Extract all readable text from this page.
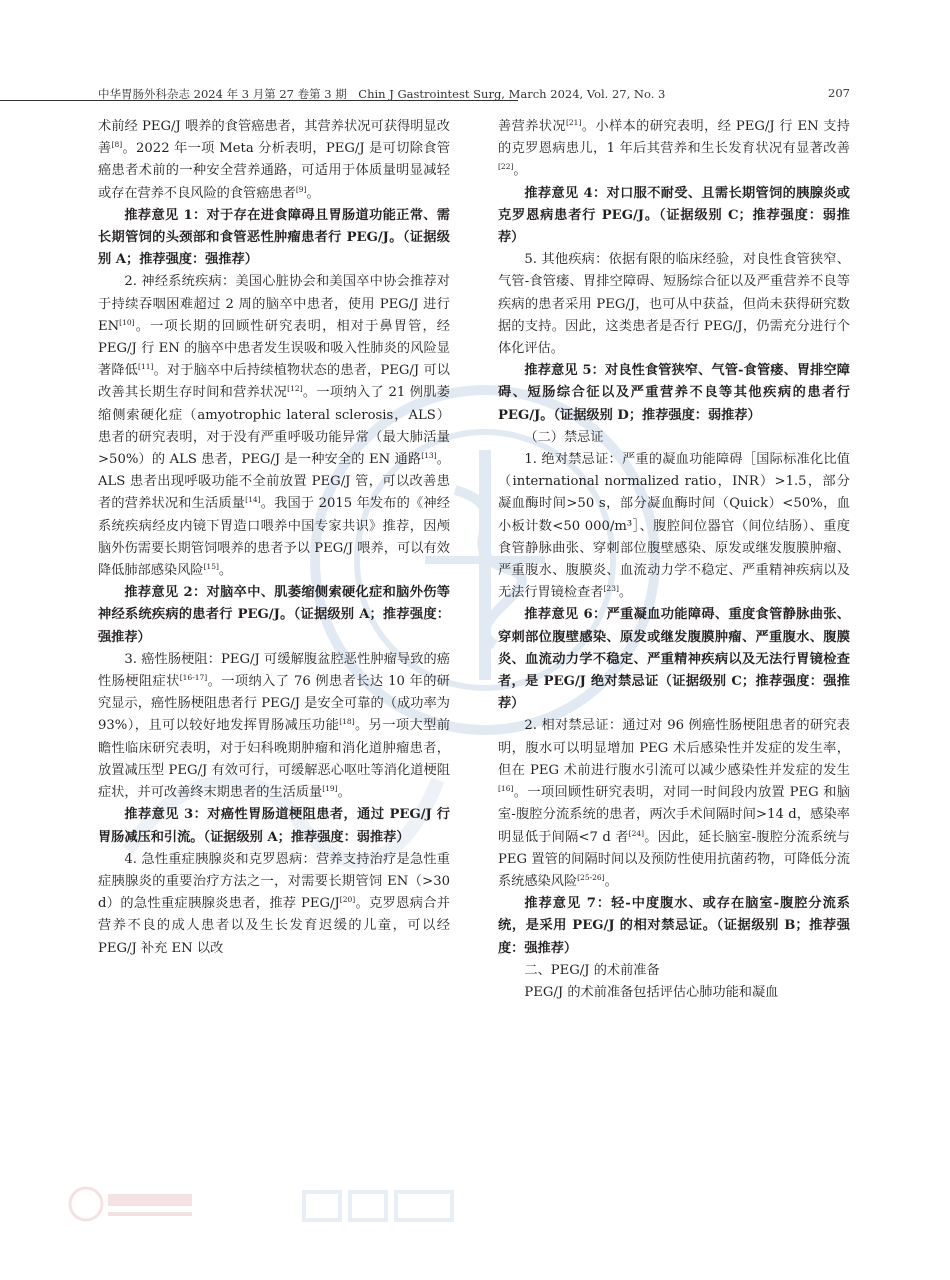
中华胃肠外科杂志 2024 年 3 月第 27 卷第 3 期　Chin J Gastrointest Surg, March 2024, Vol. 27, No. 3	207

术前经 PEG/J 喂养的食管癌患者，其营养状况可获得明显改善[8]。2022 年一项 Meta 分析表明，PEG/J 是可切除食管癌患者术前的一种安全营养通路，可适用于体质量明显减轻或存在营养不良风险的食管癌患者[9]。

推荐意见 1：对于存在进食障碍且胃肠道功能正常、需长期管饲的头颈部和食管恶性肿瘤患者行 PEG/J。（证据级别 A；推荐强度：强推荐）

2. 神经系统疾病：美国心脏协会和美国卒中协会推荐对于持续吞咽困难超过 2 周的脑卒中患者，使用 PEG/J 进行 EN[10]。一项长期的回顾性研究表明，相对于鼻胃管，经 PEG/J 行 EN 的脑卒中患者发生误吸和吸入性肺炎的风险显著降低[11]。对于脑卒中后持续植物状态的患者，PEG/J 可以改善其长期生存时间和营养状况[12]。一项纳入了 21 例肌萎缩侧索硬化症（amyotrophic lateral sclerosis，ALS）患者的研究表明，对于没有严重呼吸功能异常（最大肺活量>50%）的 ALS 患者，PEG/J 是一种安全的 EN 通路[13]。ALS 患者出现呼吸功能不全前放置 PEG/J 管，可以改善患者的营养状况和生活质量[14]。我国于 2015 年发布的《神经系统疾病经皮内镜下胃造口喂养中国专家共识》推荐，因颅脑外伤需要长期管饲喂养的患者予以 PEG/J 喂养，可以有效降低肺部感染风险[15]。

推荐意见 2：对脑卒中、肌萎缩侧索硬化症和脑外伤等神经系统疾病的患者行 PEG/J。（证据级别 A；推荐强度：强推荐）

3. 癌性肠梗阻：PEG/J 可缓解腹盆腔恶性肿瘤导致的癌性肠梗阻症状[16-17]。一项纳入了 76 例患者长达 10 年的研究显示，癌性肠梗阻患者行 PEG/J 是安全可靠的（成功率为 93%），且可以较好地发挥胃肠减压功能[18]。另一项大型前瞻性临床研究表明，对于妇科晚期肿瘤和消化道肿瘤患者，放置减压型 PEG/J 有效可行，可缓解恶心呕吐等消化道梗阻症状，并可改善终末期患者的生活质量[19]。

推荐意见 3：对癌性胃肠道梗阻患者，通过 PEG/J 行胃肠减压和引流。（证据级别 A；推荐强度：弱推荐）

4. 急性重症胰腺炎和克罗恩病：营养支持治疗是急性重症胰腺炎的重要治疗方法之一，对需要长期管饲 EN（>30 d）的急性重症胰腺炎患者，推荐 PEG/J[20]。克罗恩病合并营养不良的成人患者以及生长发育迟缓的儿童，可以经 PEG/J 补充 EN 以改

善营养状况[21]。小样本的研究表明，经 PEG/J 行 EN 支持的克罗恩病患儿，1 年后其营养和生长发育状况有显著改善[22]。

推荐意见 4：对口服不耐受、且需长期管饲的胰腺炎或克罗恩病患者行 PEG/J。（证据级别 C；推荐强度：弱推荐）

5. 其他疾病：依据有限的临床经验，对良性食管狭窄、气管-食管瘘、胃排空障碍、短肠综合征以及严重营养不良等疾病的患者采用 PEG/J，也可从中获益，但尚未获得研究数据的支持。因此，这类患者是否行 PEG/J，仍需充分进行个体化评估。

推荐意见 5：对良性食管狭窄、气管-食管瘘、胃排空障碍、短肠综合征以及严重营养不良等其他疾病的患者行 PEG/J。（证据级别 D；推荐强度：弱推荐）

（二）禁忌证

1. 绝对禁忌证：严重的凝血功能障碍［国际标准化比值（international normalized ratio，INR）>1.5，部分凝血酶时间>50 s，部分凝血酶时间（Quick）<50%，血小板计数<50 000/m³］、腹腔间位器官（间位结肠）、重度食管静脉曲张、穿刺部位腹壁感染、原发或继发腹膜肿瘤、严重腹水、腹膜炎、血流动力学不稳定、严重精神疾病以及无法行胃镜检查者[23]。

推荐意见 6：严重凝血功能障碍、重度食管静脉曲张、穿刺部位腹壁感染、原发或继发腹膜肿瘤、严重腹水、腹膜炎、血流动力学不稳定、严重精神疾病以及无法行胃镜检查者，是 PEG/J 绝对禁忌证（证据级别 C；推荐强度：强推荐）

2. 相对禁忌证：通过对 96 例癌性肠梗阻患者的研究表明，腹水可以明显增加 PEG 术后感染性并发症的发生率，但在 PEG 术前进行腹水引流可以减少感染性并发症的发生[16]。一项回顾性研究表明，对同一时间段内放置 PEG 和脑室-腹腔分流系统的患者，两次手术间隔时间>14 d，感染率明显低于间隔<7 d 者[24]。因此，延长脑室-腹腔分流系统与 PEG 置管的间隔时间以及预防性使用抗菌药物，可降低分流系统感染风险[25-26]。

推荐意见 7：轻-中度腹水、或存在脑室-腹腔分流系统，是采用 PEG/J 的相对禁忌证。（证据级别 B；推荐强度：强推荐）

二、PEG/J 的术前准备

PEG/J 的术前准备包括评估心肺功能和凝血
